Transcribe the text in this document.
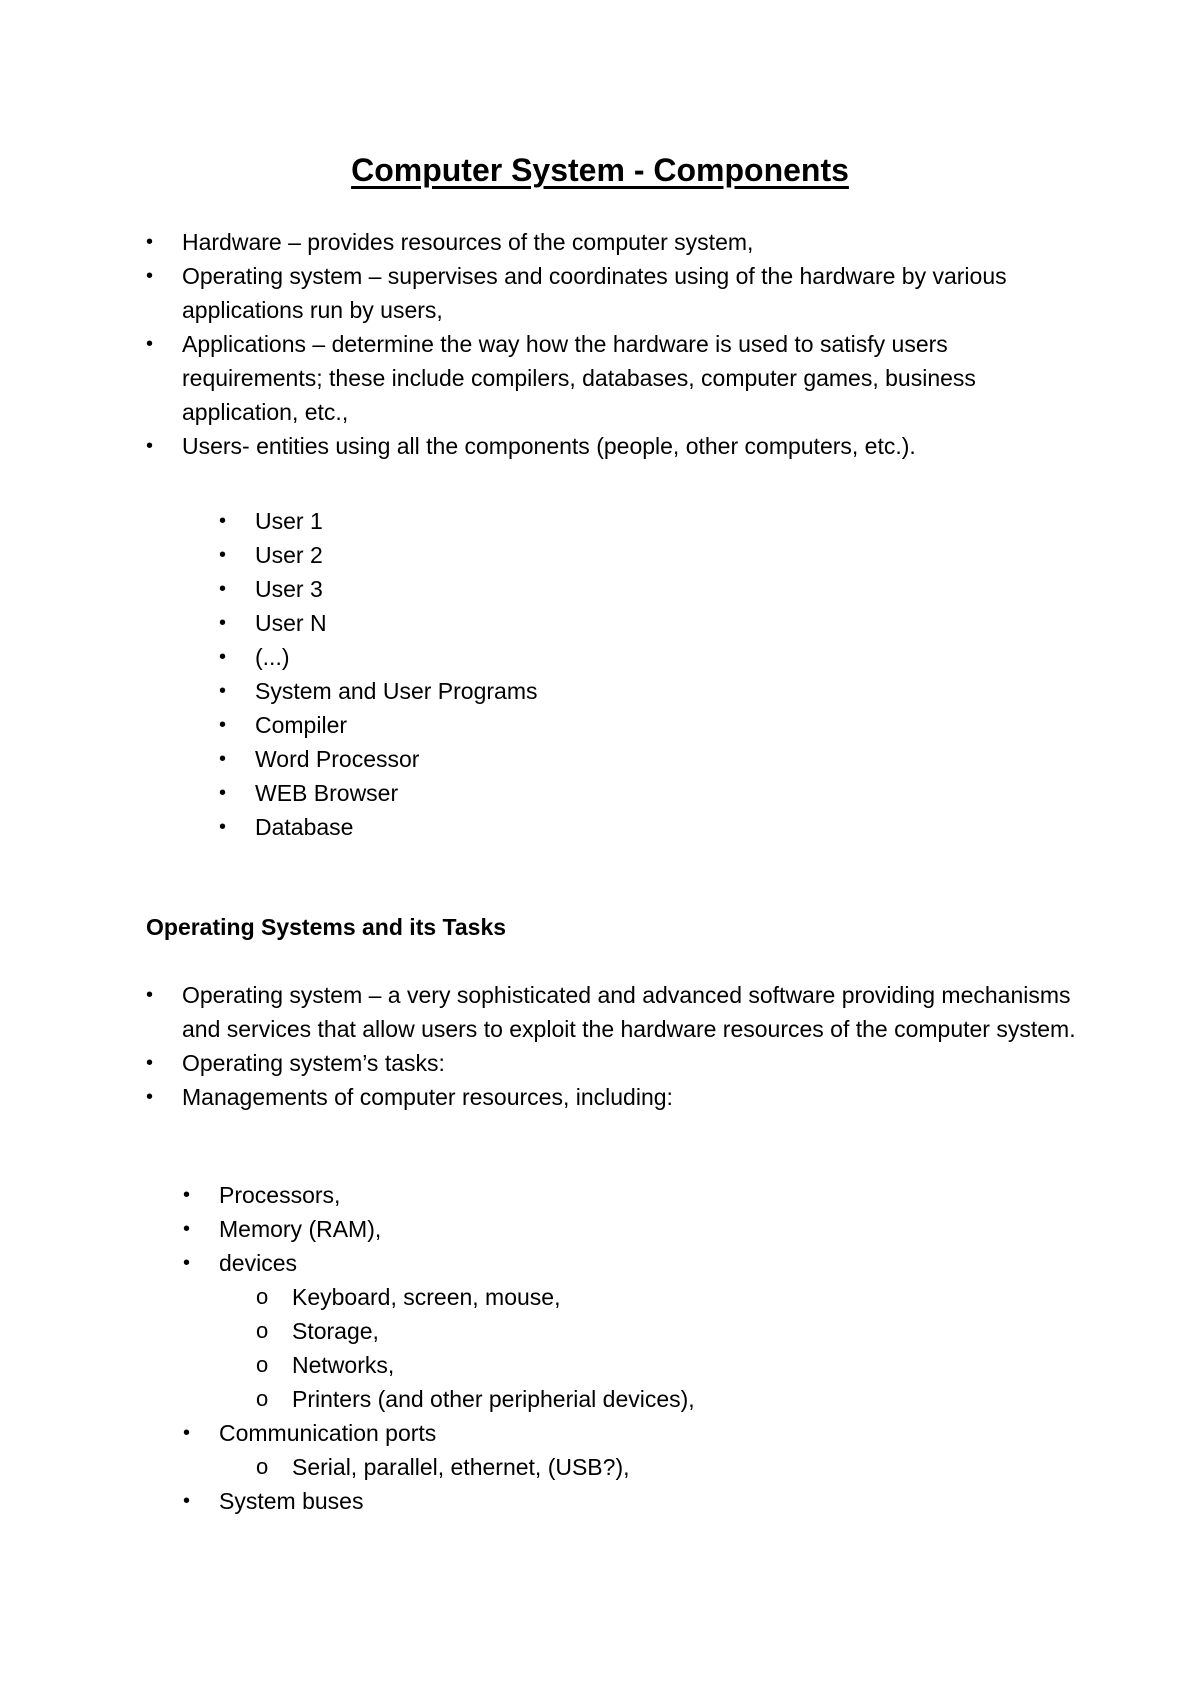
Computer System - Components
•	Hardware – provides resources of the computer system,
•	Operating system – supervises and coordinates using of the hardware by various applications run by users,
•	Applications – determine the way how the hardware is used to satisfy users requirements; these include compilers, databases, computer games, business application, etc.,
•	Users- entities using all the components (people, other computers, etc.).
•	User 1
•	User 2
•	User 3
•	User N
•	(...)
•	System and User Programs
•	Compiler
•	Word Processor
•	WEB Browser
•	Database
Operating Systems and its Tasks
•	Operating system – a very sophisticated and advanced software providing mechanisms and services that allow users to exploit the hardware resources of the computer system.
•	Operating system’s tasks:
•	Managements of computer resources, including:
•	Processors,
•	Memory (RAM),
•	devices
o	Keyboard, screen, mouse,
o	Storage,
o	Networks,
o	Printers (and other peripherial devices),
•	Communication ports
o	Serial, parallel, ethernet, (USB?),
•	System buses
